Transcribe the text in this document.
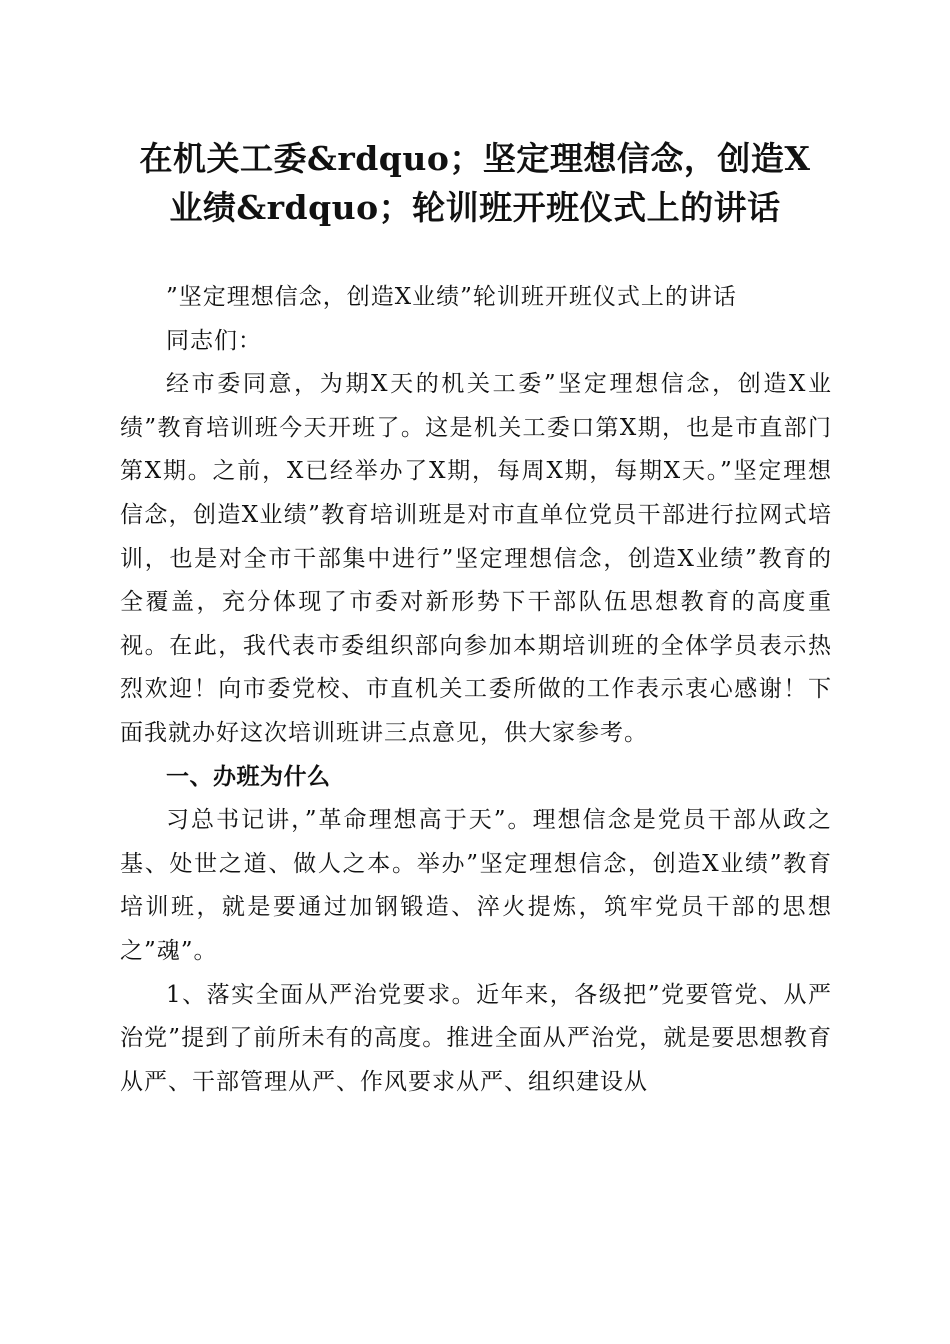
在机关工委&rdquo；坚定理想信念，创造X
业绩&rdquo；轮训班开班仪式上的讲话

”坚定理想信念，创造X业绩”轮训班开班仪式上的讲话

同志们：

经市委同意，为期X天的机关工委”坚定理想信念，创造X业绩”教育培训班今天开班了。这是机关工委口第X期，也是市直部门第X期。之前，X已经举办了X期，每周X期，每期X天。”坚定理想信念，创造X业绩”教育培训班是对市直单位党员干部进行拉网式培训，也是对全市干部集中进行”坚定理想信念，创造X业绩”教育的全覆盖，充分体现了市委对新形势下干部队伍思想教育的高度重视。在此，我代表市委组织部向参加本期培训班的全体学员表示热烈欢迎！向市委党校、市直机关工委所做的工作表示衷心感谢！下面我就办好这次培训班讲三点意见，供大家参考。

一、办班为什么

习总书记讲，”革命理想高于天”。理想信念是党员干部从政之基、处世之道、做人之本。举办”坚定理想信念，创造X业绩”教育培训班，就是要通过加钢锻造、淬火提炼，筑牢党员干部的思想之”魂”。

1、落实全面从严治党要求。近年来，各级把”党要管党、从严治党”提到了前所未有的高度。推进全面从严治党，就是要思想教育从严、干部管理从严、作风要求从严、组织建设从
